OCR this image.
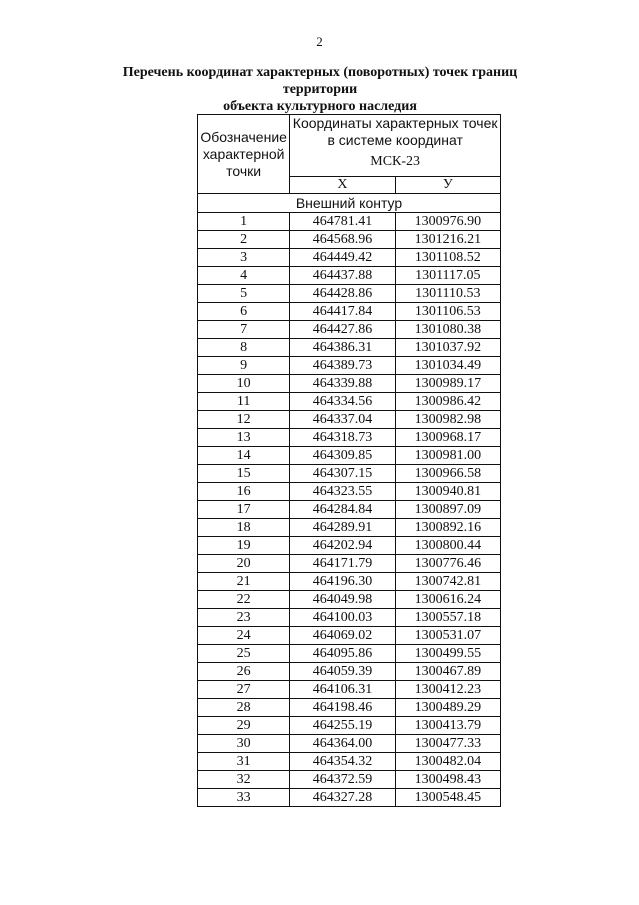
2
Перечень координат характерных (поворотных) точек границ территории
объекта культурного наследия
Обозначение характерной точки	Координаты характерных точек в системе координат
МСК-23	

	X	У
Внешний контур		
1	464781.41	1300976.90
2	464568.96	1301216.21
3	464449.42	1301108.52
4	464437.88	1301117.05
5	464428.86	1301110.53
6	464417.84	1301106.53
7	464427.86	1301080.38
8	464386.31	1301037.92
9	464389.73	1301034.49
10	464339.88	1300989.17
11	464334.56	1300986.42
12	464337.04	1300982.98
13	464318.73	1300968.17
14	464309.85	1300981.00
15	464307.15	1300966.58
16	464323.55	1300940.81
17	464284.84	1300897.09
18	464289.91	1300892.16
19	464202.94	1300800.44
20	464171.79	1300776.46
21	464196.30	1300742.81
22	464049.98	1300616.24
23	464100.03	1300557.18
24	464069.02	1300531.07
25	464095.86	1300499.55
26	464059.39	1300467.89
27	464106.31	1300412.23
28	464198.46	1300489.29
29	464255.19	1300413.79
30	464364.00	1300477.33
31	464354.32	1300482.04
32	464372.59	1300498.43
33	464327.28	1300548.45
